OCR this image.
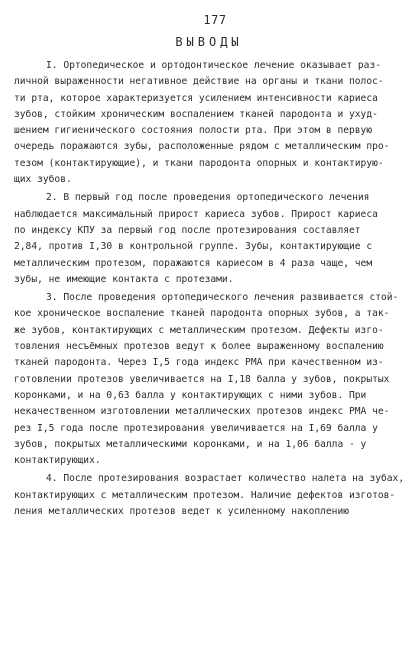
177
ВЫВОДЫ
I. Ортопедическое и ортодонтическое лечение оказывает раз-
личной выраженности негативное действие на органы и ткани полос-
ти рта, которое характеризуется усилением интенсивности кариеса
зубов, стойким хроническим воспалением тканей пародонта и ухуд-
шением гигиенического состояния полости рта. При этом в первую
очередь поражаются зубы, расположенные рядом с металлическим про-
тезом (контактирующие), и ткани пародонта опорных и контактирую-
щих зубов.
2. В первый год после проведения ортопедического лечения
наблюдается максимальный прирост кариеса зубов. Прирост кариеса
по индексу КПУ за первый год после протезирования составляет
2,84, против I,30 в контрольной группе. Зубы, контактирующие с
металлическим протезом, поражаются кариесом в 4 раза чаще, чем
зубы, не имеющие контакта с протезами.
3. После проведения ортопедического лечения развивается стой-
кое хроническое воспаление тканей пародонта опорных зубов, а так-
же зубов, контактирующих с металлическим протезом. Дефекты изго-
товления несъёмных протезов ведут к более выраженному воспалению
тканей пародонта. Через I,5 года индекс РМА при качественном из-
готовлении протезов увеличивается на I,18 балла у зубов, покрытых
коронками, и на 0,63 балла у контактирующих с ними зубов. При
некачественном изготовлении металлических протезов индекс РМА че-
рез I,5 года после протезирования увеличивается на I,69 балла у
зубов, покрытых металлическими коронками, и на 1,06 балла - у
контактирующих.
4. После протезирования возрастает количество налета на зубах,
контактирующих с металлическим протезом. Наличие дефектов изготов-
ления металлических протезов ведет к усиленному накоплению
